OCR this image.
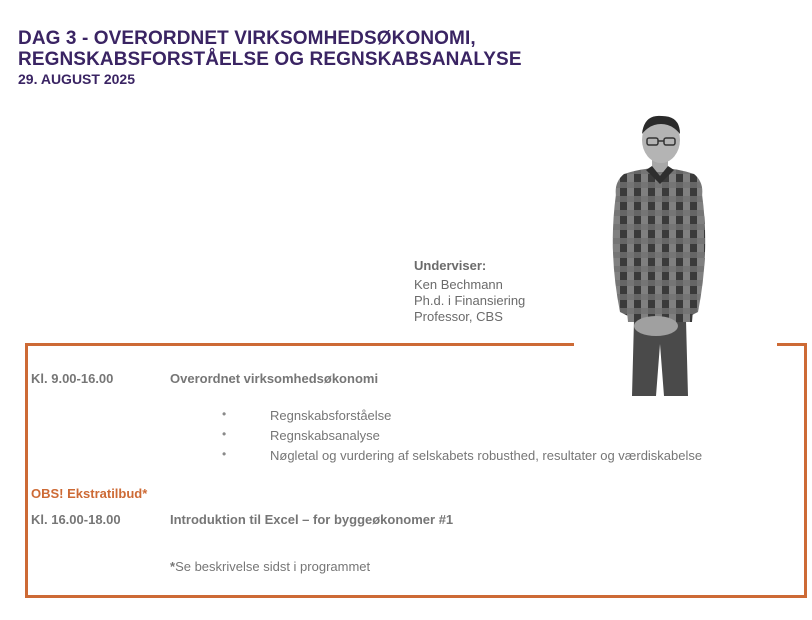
DAG 3 - OVERORDNET VIRKSOMHEDSØKONOMI,
REGNSKABSFORSTÅELSE OG REGNSKABSANALYSE
29. AUGUST 2025
Underviser:
Ken Bechmann
Ph.d. i Finansiering
Professor, CBS
Kl. 9.00-16.00	Overordnet virksomhedsøkonomi
•	Regnskabsforståelse
•	Regnskabsanalyse
•	Nøgletal og vurdering af selskabets robusthed, resultater og værdiskabelse
OBS! Ekstratilbud*
Kl. 16.00-18.00	Introduktion til Excel – for byggeøkonomer #1
*Se beskrivelse sidst i programmet
